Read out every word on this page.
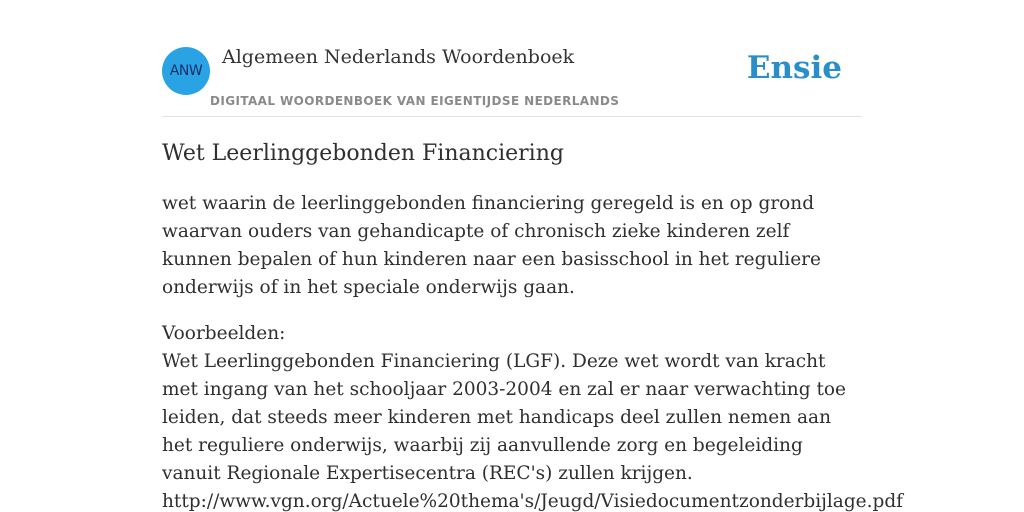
ANW
Algemeen Nederlands Woordenboek
DIGITAAL WOORDENBOEK VAN EIGENTIJDSE NEDERLANDS
Ensie
Wet Leerlinggebonden Financiering

wet waarin de leerlinggebonden financiering geregeld is en op grond waarvan ouders van gehandicapte of chronisch zieke kinderen zelf kunnen bepalen of hun kinderen naar een basisschool in het reguliere onderwijs of in het speciale onderwijs gaan.

Voorbeelden:
Wet Leerlinggebonden Financiering (LGF). Deze wet wordt van kracht met ingang van het schooljaar 2003-2004 en zal er naar verwachting toe leiden, dat steeds meer kinderen met handicaps deel zullen nemen aan het reguliere onderwijs, waarbij zij aanvullende zorg en begeleiding vanuit Regionale Expertisecentra (REC's) zullen krijgen.
http://www.vgn.org/Actuele%20thema's/Jeugd/Visiedocumentzonderbijlage.pdf
